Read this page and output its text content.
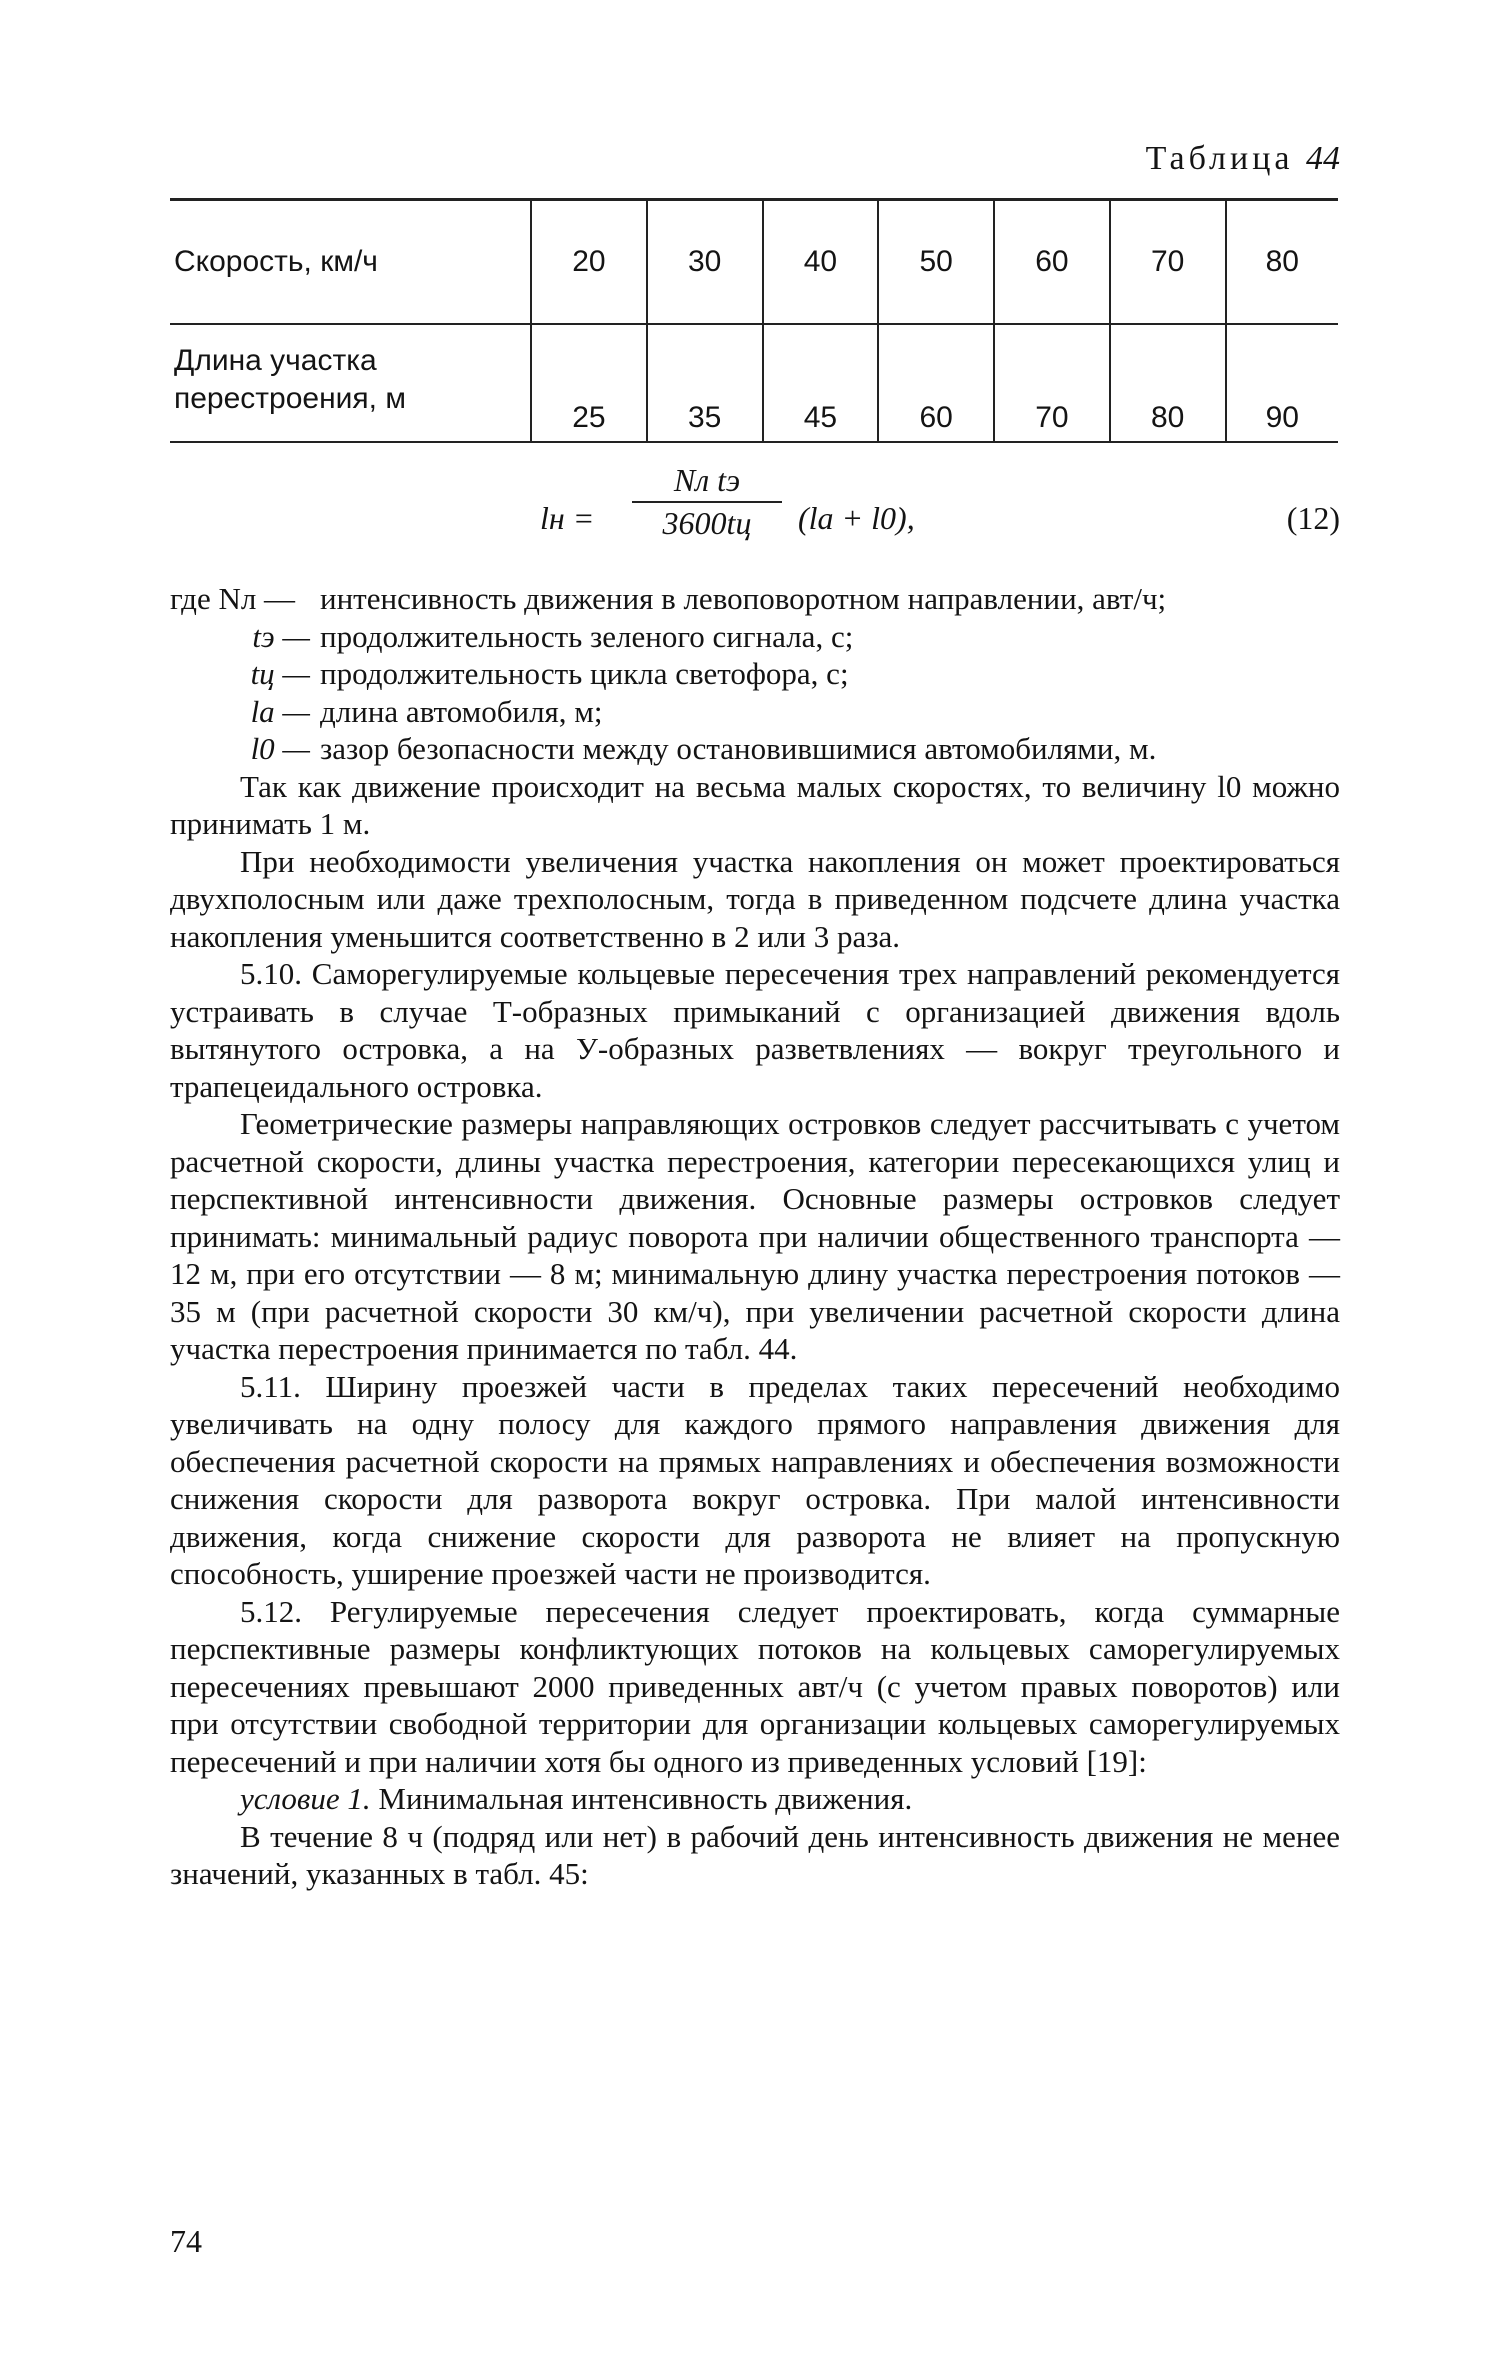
Таблица 44
Скорость, км/ч	20	30	40	50	60	70	80
Длина участка перестроения, м	25	35	45	60	70	80	90
lн =
Nл tэ
3600tц	(lа + l0),	(12)
где Nл — интенсивность движения в левоповоротном направлении, авт/ч;
tэ — продолжительность зеленого сигнала, с;
tц — продолжительность цикла светофора, с;
lа — длина автомобиля, м;
l0 — зазор безопасности между остановившимися автомобилями, м.

Так как движение происходит на весьма малых скоростях, то величину l0 можно принимать 1 м.

При необходимости увеличения участка накопления он может проектироваться двухполосным или даже трехполосным, тогда в приведенном подсчете длина участка накопления уменьшится соответственно в 2 или 3 раза.

5.10. Саморегулируемые кольцевые пересечения трех направлений рекомендуется устраивать в случае Т-образных примыканий с организацией движения вдоль вытянутого островка, а на У-образных разветвлениях — вокруг треугольного и трапецеидального островка.

Геометрические размеры направляющих островков следует рассчитывать с учетом расчетной скорости, длины участка перестроения, категории пересекающихся улиц и перспективной интенсивности движения. Основные размеры островков следует принимать: минимальный радиус поворота при наличии общественного транспорта — 12 м, при его отсутствии — 8 м; минимальную длину участка перестроения потоков — 35 м (при расчетной скорости 30 км/ч), при увеличении расчетной скорости длина участка перестроения принимается по табл. 44.

5.11. Ширину проезжей части в пределах таких пересечений необходимо увеличивать на одну полосу для каждого прямого направления движения для обеспечения расчетной скорости на прямых направлениях и обеспечения возможности снижения скорости для разворота вокруг островка. При малой интенсивности движения, когда снижение скорости для разворота не влияет на пропускную способность, уширение проезжей части не производится.

5.12. Регулируемые пересечения следует проектировать, когда суммарные перспективные размеры конфликтующих потоков на кольцевых саморегулируемых пересечениях превышают 2000 приведенных авт/ч (с учетом правых поворотов) или при отсутствии свободной территории для организации кольцевых саморегулируемых пересечений и при наличии хотя бы одного из приведенных условий [19]:

условие 1. Минимальная интенсивность движения.

В течение 8 ч (подряд или нет) в рабочий день интенсивность движения не менее значений, указанных в табл. 45:

74
